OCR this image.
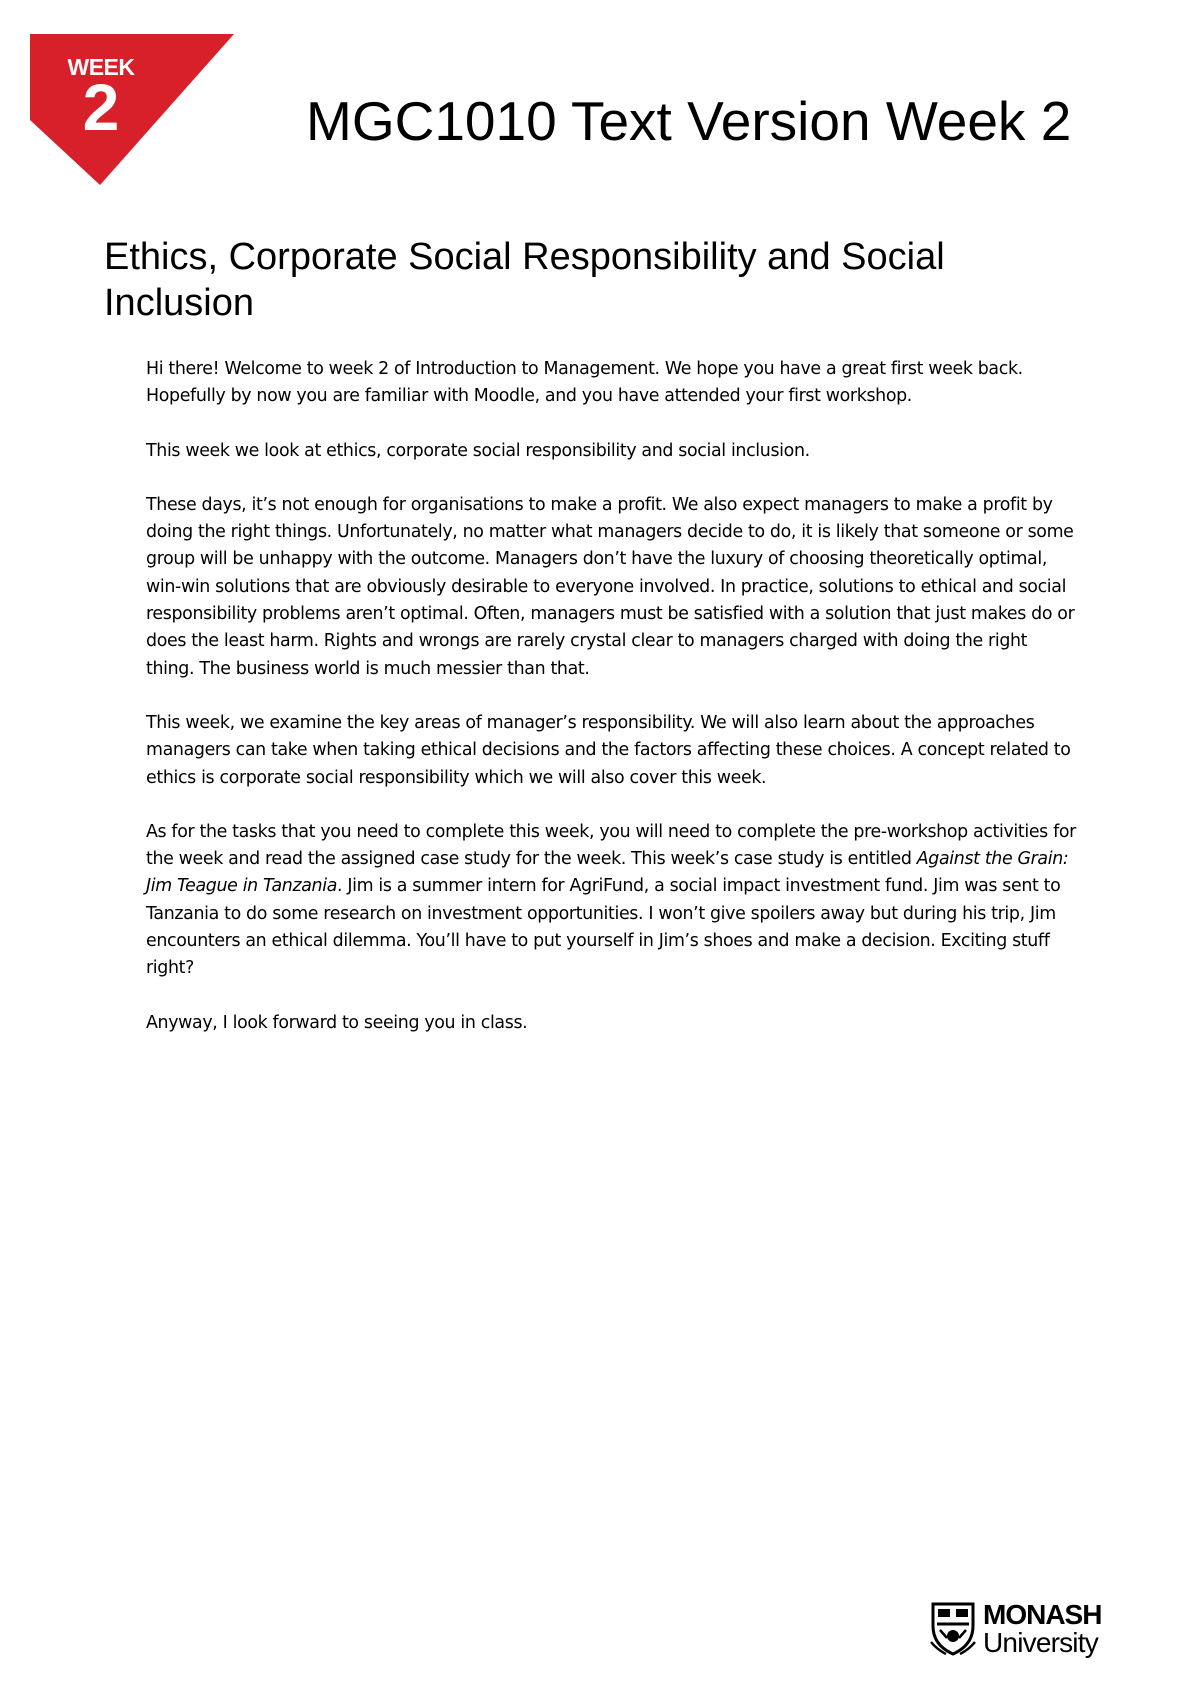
WEEK
2	MGC1010 Text Version Week 2
Ethics, Corporate Social Responsibility and Social Inclusion

Hi there! Welcome to week 2 of Introduction to Management. We hope you have a great first week back. Hopefully by now you are familiar with Moodle, and you have attended your first workshop.

This week we look at ethics, corporate social responsibility and social inclusion.

These days, it’s not enough for organisations to make a profit. We also expect managers to make a profit by doing the right things. Unfortunately, no matter what managers decide to do, it is likely that someone or some group will be unhappy with the outcome. Managers don’t have the luxury of choosing theoretically optimal, win-win solutions that are obviously desirable to everyone involved. In practice, solutions to ethical and social responsibility problems aren’t optimal. Often, managers must be satisfied with a solution that just makes do or does the least harm. Rights and wrongs are rarely crystal clear to managers charged with doing the right thing. The business world is much messier than that.

This week, we examine the key areas of manager’s responsibility. We will also learn about the approaches managers can take when taking ethical decisions and the factors affecting these choices. A concept related to ethics is corporate social responsibility which we will also cover this week.

As for the tasks that you need to complete this week, you will need to complete the pre-workshop activities for the week and read the assigned case study for the week. This week’s case study is entitled Against the Grain: Jim Teague in Tanzania. Jim is a summer intern for AgriFund, a social impact investment fund. Jim was sent to Tanzania to do some research on investment opportunities. I won’t give spoilers away but during his trip, Jim encounters an ethical dilemma. You’ll have to put yourself in Jim’s shoes and make a decision. Exciting stuff right?

Anyway, I look forward to seeing you in class.

MONASH
University
